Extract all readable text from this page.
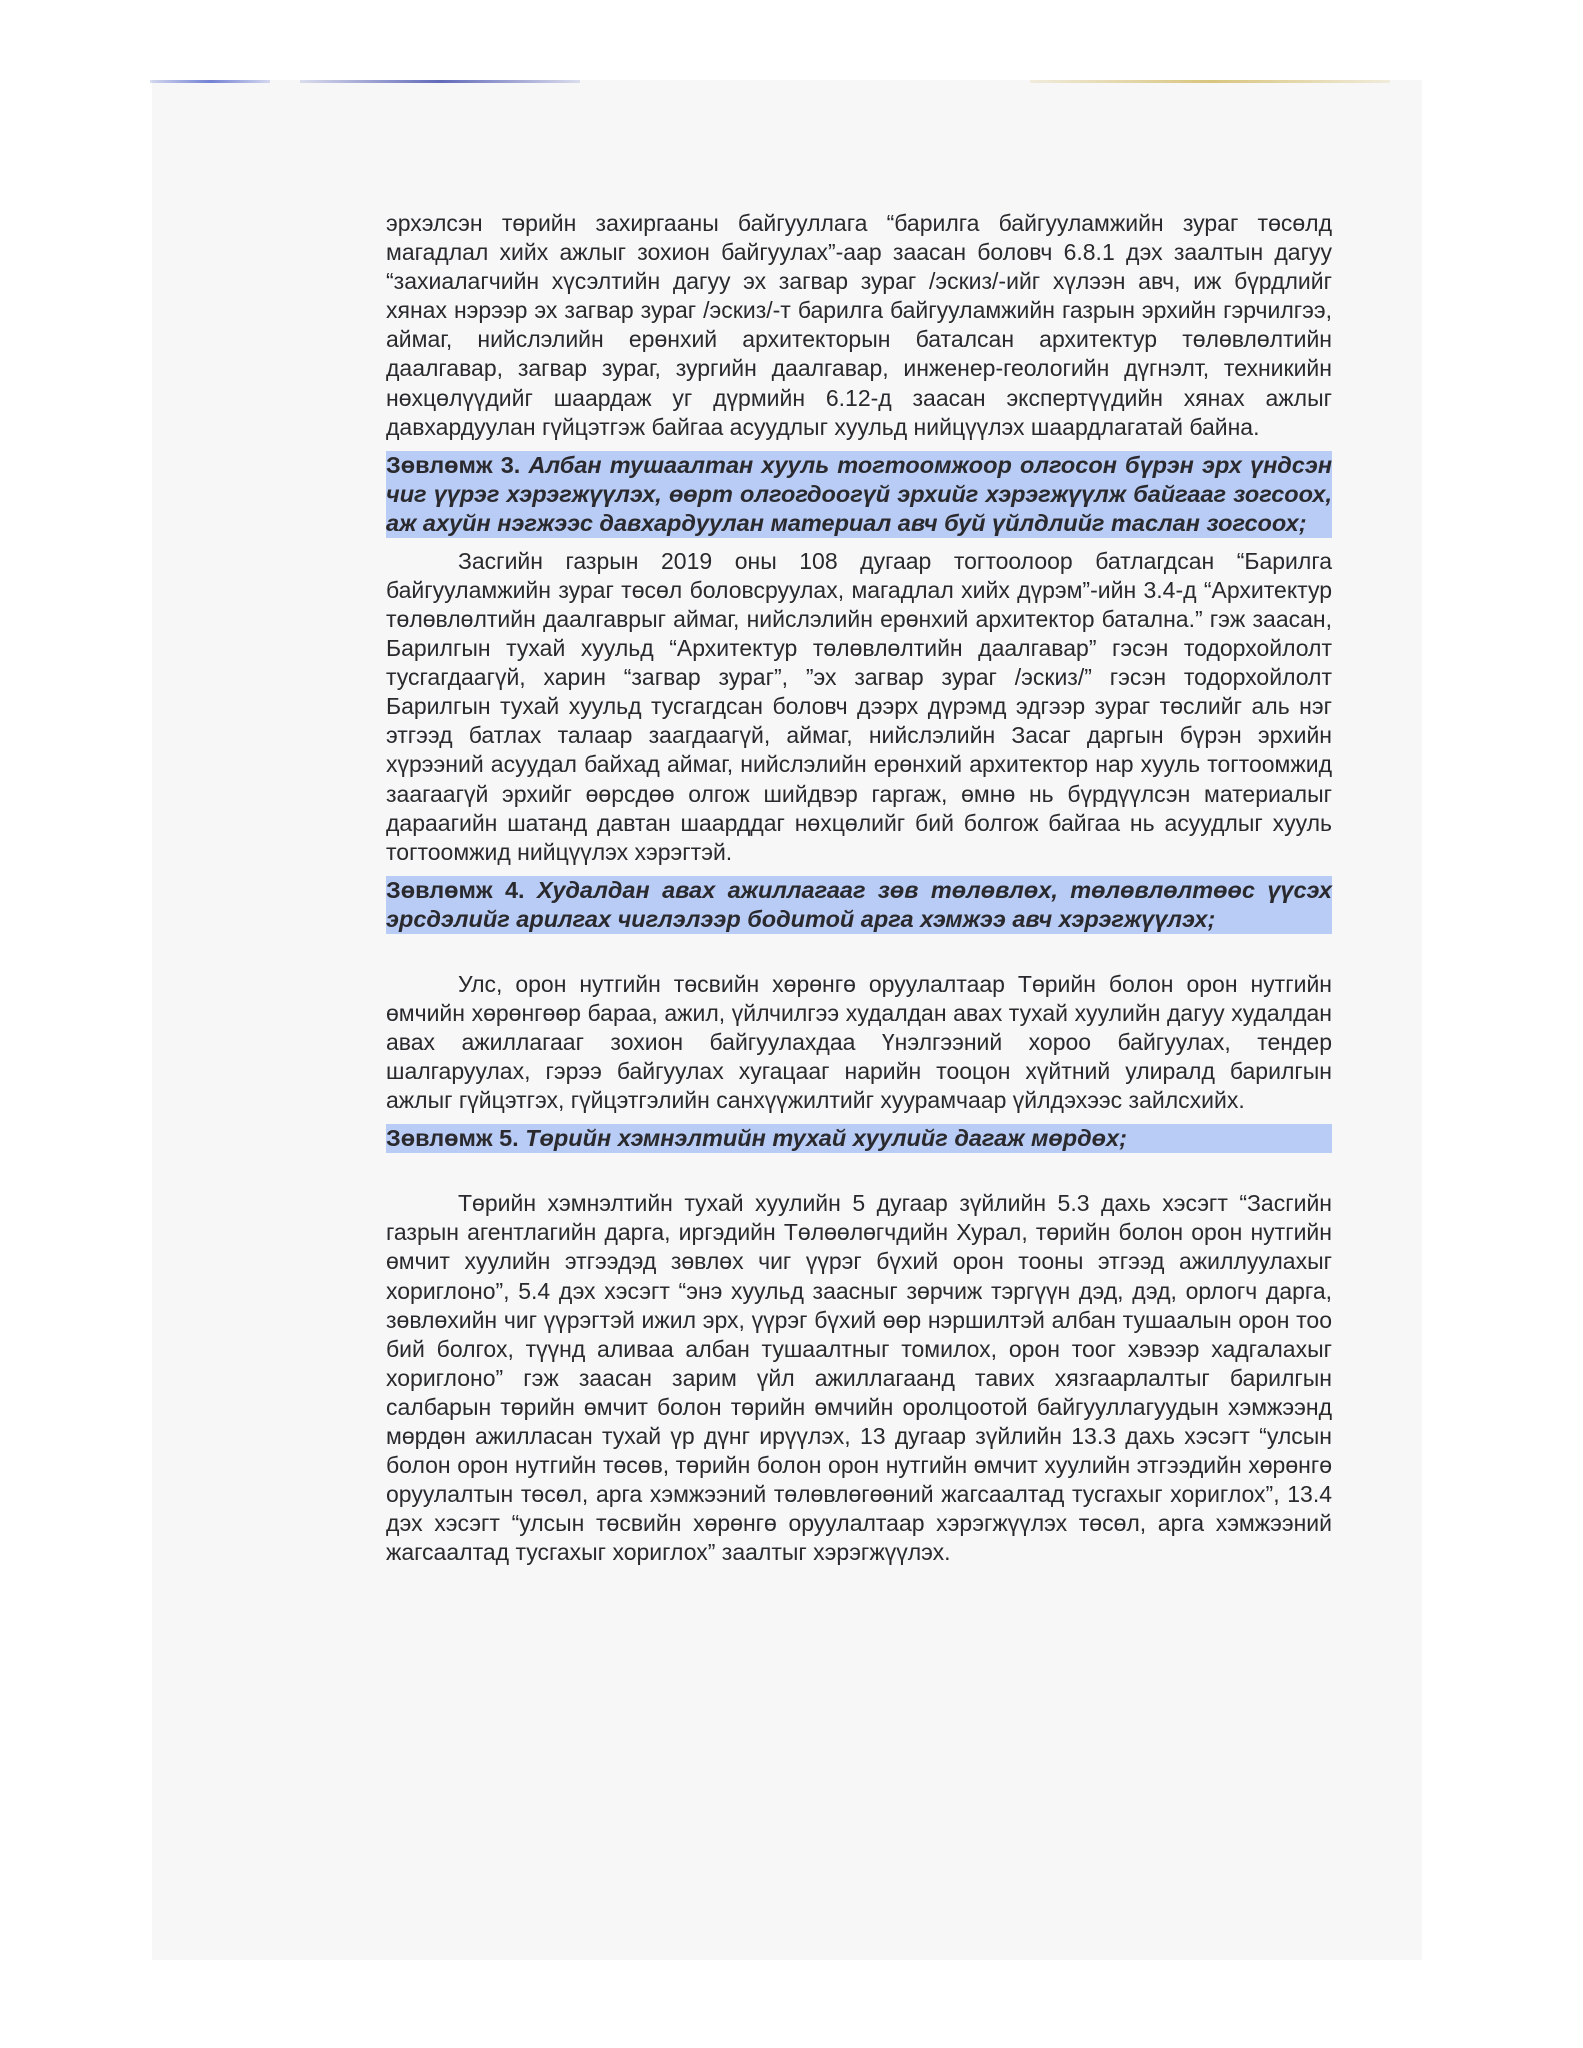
эрхэлсэн төрийн захиргааны байгууллага “барилга байгууламжийн зураг төсөлд магадлал хийх ажлыг зохион байгуулах”-аар заасан боловч 6.8.1 дэх заалтын дагуу “захиалагчийн хүсэлтийн дагуу эх загвар зураг /эскиз/-ийг хүлээн авч, иж бүрдлийг хянах нэрээр эх загвар зураг /эскиз/-т барилга байгууламжийн газрын эрхийн гэрчилгээ, аймаг, нийслэлийн ерөнхий архитекторын баталсан архитектур төлөвлөлтийн даалгавар, загвар зураг, зургийн даалгавар, инженер-геологийн дүгнэлт, техникийн нөхцөлүүдийг шаардаж уг дүрмийн 6.12-д заасан экспертүүдийн хянах ажлыг давхардуулан гүйцэтгэж байгаа асуудлыг хуульд нийцүүлэх шаардлагатай байна.

Зөвлөмж 3. Албан тушаалтан хууль тогтоомжоор олгосон бүрэн эрх үндсэн чиг үүрэг хэрэгжүүлэх, өөрт олгогдоогүй эрхийг хэрэгжүүлж байгааг зогсоох, аж ахуйн нэгжээс давхардуулан материал авч буй үйлдлийг таслан зогсоох;

Засгийн газрын 2019 оны 108 дугаар тогтоолоор батлагдсан “Барилга байгууламжийн зураг төсөл боловсруулах, магадлал хийх дүрэм”-ийн 3.4-д “Архитектур төлөвлөлтийн даалгаврыг аймаг, нийслэлийн ерөнхий архитектор батална.” гэж заасан, Барилгын тухай хуульд “Архитектур төлөвлөлтийн даалгавар” гэсэн тодорхойлолт тусгагдаагүй, харин “загвар зураг”, ”эх загвар зураг /эскиз/” гэсэн тодорхойлолт Барилгын тухай хуульд тусгагдсан боловч дээрх дүрэмд эдгээр зураг төслийг аль нэг этгээд батлах талаар заагдаагүй, аймаг, нийслэлийн Засаг даргын бүрэн эрхийн хүрээний асуудал байхад аймаг, нийслэлийн ерөнхий архитектор нар хууль тогтоомжид заагаагүй эрхийг өөрсдөө олгож шийдвэр гаргаж, өмнө нь бүрдүүлсэн материалыг дараагийн шатанд давтан шаарддаг нөхцөлийг бий болгож байгаа нь асуудлыг хууль тогтоомжид нийцүүлэх хэрэгтэй.

Зөвлөмж 4. Худалдан авах ажиллагааг зөв төлөвлөх, төлөвлөлтөөс үүсэх эрсдэлийг арилгах чиглэлээр бодитой арга хэмжээ авч хэрэгжүүлэх;

Улс, орон нутгийн төсвийн хөрөнгө оруулалтаар Төрийн болон орон нутгийн өмчийн хөрөнгөөр бараа, ажил, үйлчилгээ худалдан авах тухай хуулийн дагуу худалдан авах ажиллагааг зохион байгуулахдаа Үнэлгээний хороо байгуулах, тендер шалгаруулах, гэрээ байгуулах хугацааг нарийн тооцон хүйтний улиралд барилгын ажлыг гүйцэтгэх, гүйцэтгэлийн санхүүжилтийг хуурамчаар үйлдэхээс зайлсхийх.

Зөвлөмж 5. Төрийн хэмнэлтийн тухай хуулийг дагаж мөрдөх;

Төрийн хэмнэлтийн тухай хуулийн 5 дугаар зүйлийн 5.3 дахь хэсэгт “Засгийн газрын агентлагийн дарга, иргэдийн Төлөөлөгчдийн Хурал, төрийн болон орон нутгийн өмчит хуулийн этгээдэд зөвлөх чиг үүрэг бүхий орон тооны этгээд ажиллуулахыг хориглоно”, 5.4 дэх хэсэгт “энэ хуульд заасныг зөрчиж тэргүүн дэд, дэд, орлогч дарга, зөвлөхийн чиг үүрэгтэй ижил эрх, үүрэг бүхий өөр нэршилтэй албан тушаалын орон тоо бий болгох, түүнд аливаа албан тушаалтныг томилох, орон тоог хэвээр хадгалахыг хориглоно” гэж заасан зарим үйл ажиллагаанд тавих хязгаарлалтыг барилгын салбарын төрийн өмчит болон төрийн өмчийн оролцоотой байгууллагуудын хэмжээнд мөрдөн ажилласан тухай үр дүнг ирүүлэх, 13 дугаар зүйлийн 13.3 дахь хэсэгт “улсын болон орон нутгийн төсөв, төрийн болон орон нутгийн өмчит хуулийн этгээдийн хөрөнгө оруулалтын төсөл, арга хэмжээний төлөвлөгөөний жагсаалтад тусгахыг хориглох”, 13.4 дэх хэсэгт “улсын төсвийн хөрөнгө оруулалтаар хэрэгжүүлэх төсөл, арга хэмжээний жагсаалтад тусгахыг хориглох” заалтыг хэрэгжүүлэх.
